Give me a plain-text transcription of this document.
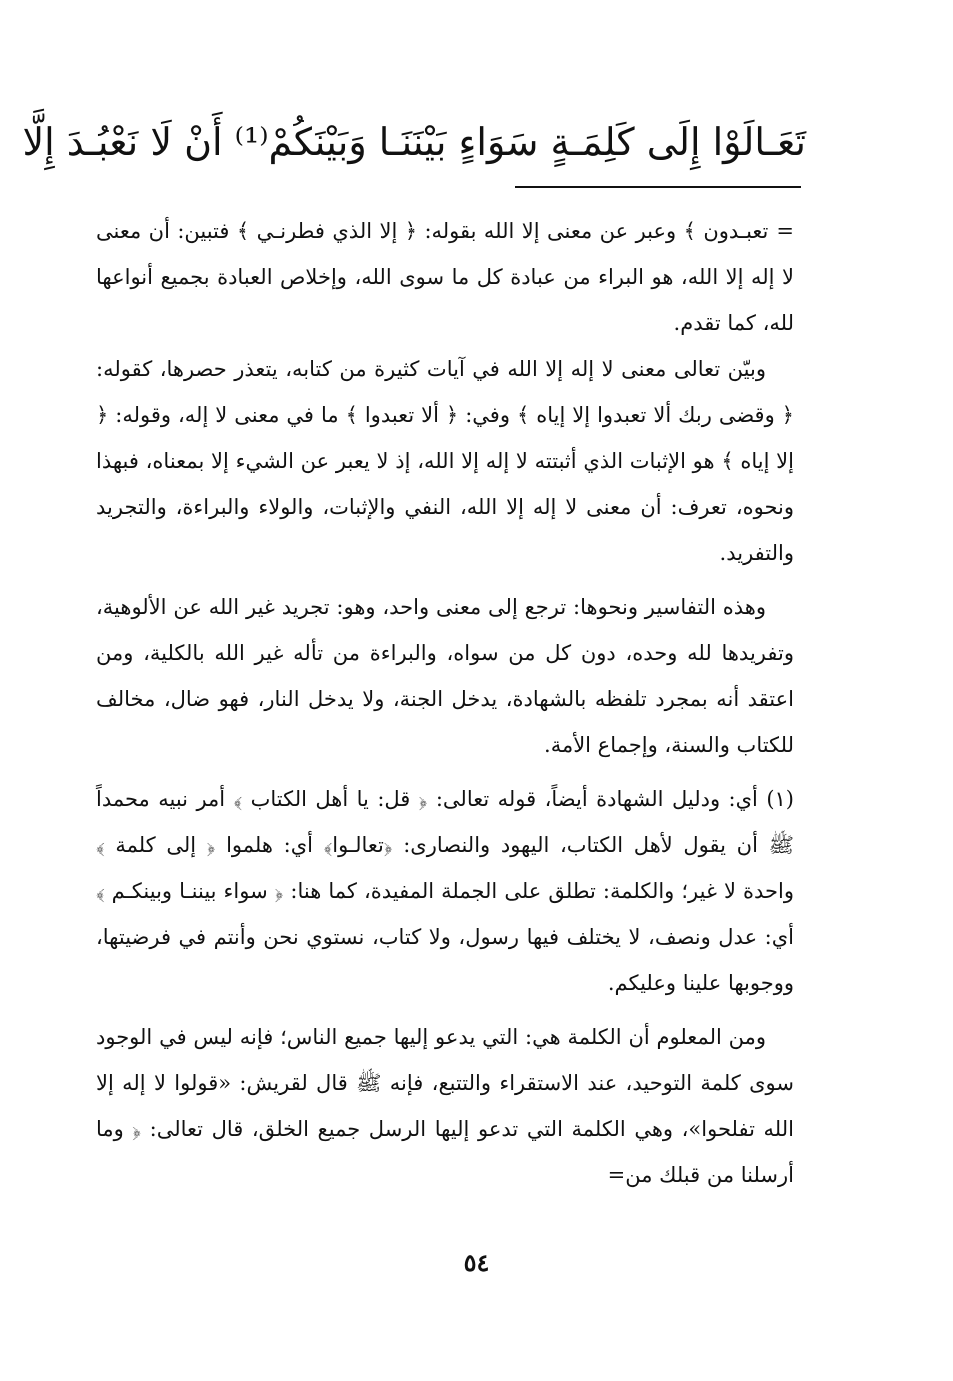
تَعَـالَوْا إِلَى كَلِمَـةٍ سَوَاءٍ بَيْنَنَـا وَبَيْنَكُمْ⁽¹⁾ أَنْ لَا نَعْبُـدَ إِلَّا

=تعبـدون ﴾ وعبر عن معنى إلا الله بقوله: ﴿ إلا الذي فطرنـي ﴾ فتبين: أن معنى لا إله إلا الله، هو البراء من عبادة كل ما سوى الله، وإخلاص العبادة بجميع أنواعها لله، كما تقدم.

وبيّن تعالى معنى لا إله إلا الله في آيات كثيرة من كتابه، يتعذر حصرها، كقوله: ﴿ وقضى ربك ألا تعبدوا إلا إياه ﴾ وفي: ﴿ ألا تعبدوا ﴾ ما في معنى لا إله، وقوله: ﴿ إلا إياه ﴾ هو الإثبات الذي أثبتته لا إله إلا الله، إذ لا يعبر عن الشيء إلا بمعناه، فبهذا ونحوه، تعرف: أن معنى لا إله إلا الله، النفي والإثبات، والولاء والبراءة، والتجريد والتفريد.

وهذه التفاسير ونحوها: ترجع إلى معنى واحد، وهو: تجريد غير الله عن الألوهية، وتفريدها لله وحده، دون كل من سواه، والبراءة من تأله غير الله بالكلية، ومن اعتقد أنه بمجرد تلفظه بالشهادة، يدخل الجنة، ولا يدخل النار، فهو ضال، مخالف للكتاب والسنة، وإجماع الأمة.

(١) أي: ودليل الشهادة أيضاً، قوله تعالى: ﴿ قل: يا أهل الكتاب ﴾ أمر نبيه محمداً ﷺ أن يقول لأهل الكتاب، اليهود والنصارى: ﴿تعالـوا﴾ أي: هلموا ﴿ إلى كلمة ﴾ واحدة لا غير؛ والكلمة: تطلق على الجملة المفيدة، كما هنا: ﴿ سواء بيننـا وبينكـم ﴾ أي: عدل ونصف، لا يختلف فيها رسول، ولا كتاب، نستوي نحن وأنتم في فرضيتها، ووجوبها علينا وعليكم.

ومن المعلوم أن الكلمة هي: التي يدعو إليها جميع الناس؛ فإنه ليس في الوجود سوى كلمة التوحيد، عند الاستقراء والتتبع، فإنه ﷺ قال لقريش: «قولوا لا إله إلا الله تفلحوا»، وهي الكلمة التي تدعو إليها الرسل جميع الخلق، قال تعالى: ﴿ وما أرسلنا من قبلك من=

٥٤
